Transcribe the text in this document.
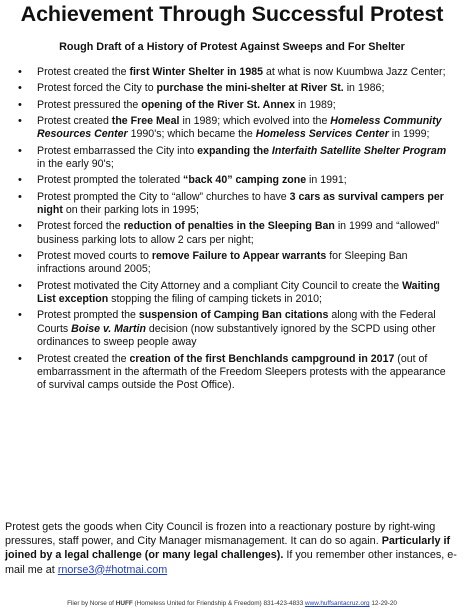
Achievement Through Successful Protest
Rough Draft of a History of Protest Against Sweeps and For Shelter
• Protest created the first Winter Shelter in 1985 at what is now Kuumbwa Jazz Center;
• Protest forced the City to purchase the mini-shelter at River St. in 1986;
• Protest pressured the opening of the River St. Annex in 1989;
• Protest created the Free Meal in 1989; which evolved into the Homeless Community Resources Center 1990's; which became the Homeless Services Center in 1999;
• Protest embarrassed the City into expanding the Interfaith Satellite Shelter Program in the early 90's;
• Protest prompted the tolerated “back 40” camping zone in 1991;
• Protest prompted the City to “allow” churches to have 3 cars as survival campers per night on their parking lots in 1995;
• Protest forced the reduction of penalties in the Sleeping Ban in 1999 and “allowed” business parking lots to allow 2 cars per night;
• Protest moved courts to remove Failure to Appear warrants for Sleeping Ban infractions around 2005;
• Protest motivated the City Attorney and a compliant City Council to create the Waiting List exception stopping the filing of camping tickets in 2010;
• Protest prompted the suspension of Camping Ban citations along with the Federal Courts Boise v. Martin decision (now substantively ignored by the SCPD using other ordinances to sweep people away
• Protest created the creation of the first Benchlands campground in 2017 (out of embarrassment in the aftermath of the Freedom Sleepers protests with the appearance of survival camps outside the Post Office).
Protest gets the goods when City Council is frozen into a reactionary posture by right-wing pressures, staff power, and City Manager mismanagement. It can do so again. Particularly if joined by a legal challenge (or many legal challenges). If you remember other instances, e-mail me at rnorse3@#hotmai.com
Flier by Norse of HUFF (Homeless United for Friendship & Freedom) 831-423-4833 www.huffsantacruz.org 12-29-20
